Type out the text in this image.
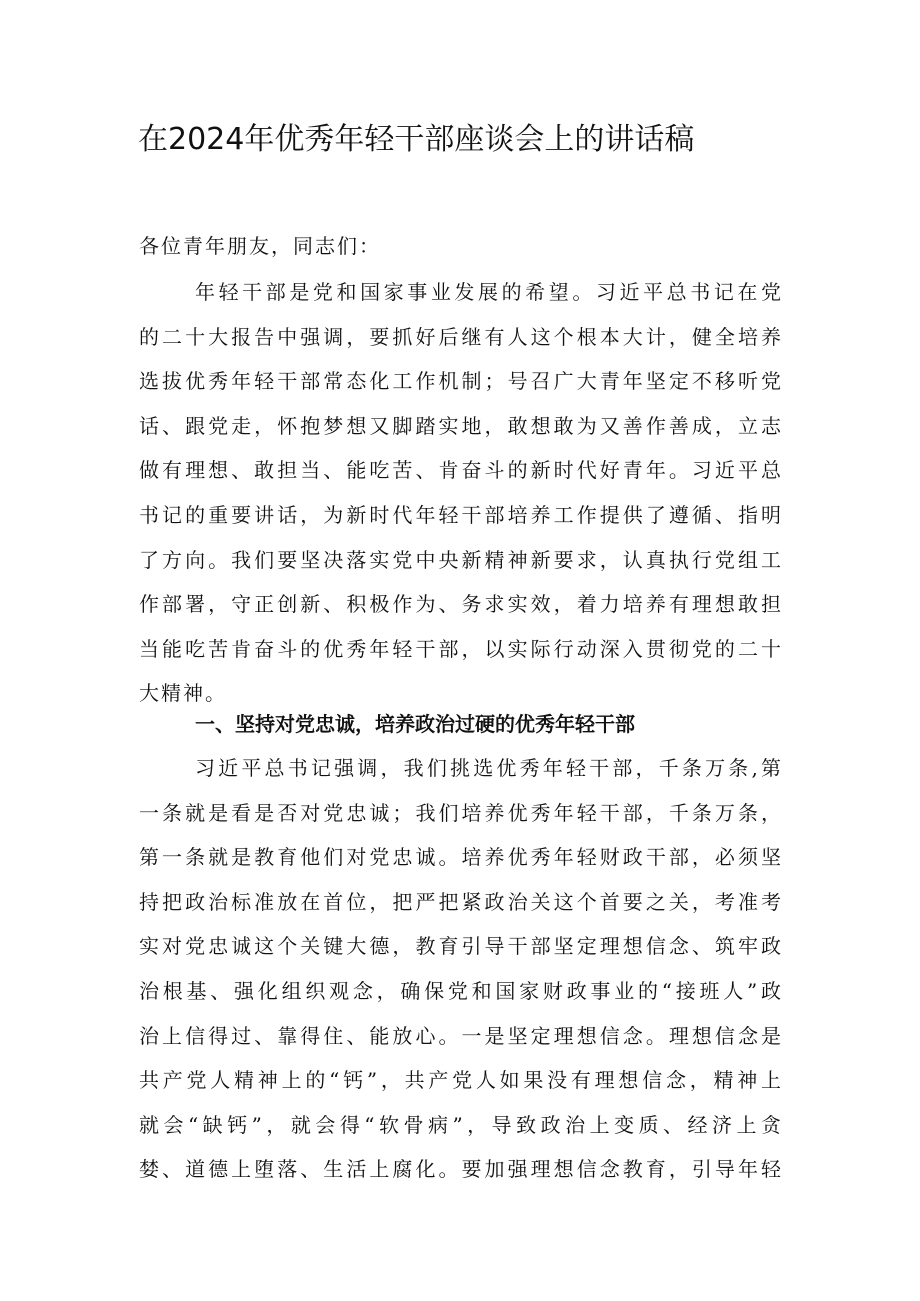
在2024年优秀年轻干部座谈会上的讲话稿
各位青年朋友，同志们：
年轻干部是党和国家事业发展的希望。习近平总书记在党
的二十大报告中强调，要抓好后继有人这个根本大计，健全培养
选拔优秀年轻干部常态化工作机制；号召广大青年坚定不移听党
话、跟党走，怀抱梦想又脚踏实地，敢想敢为又善作善成，立志
做有理想、敢担当、能吃苦、肯奋斗的新时代好青年。习近平总
书记的重要讲话，为新时代年轻干部培养工作提供了遵循、指明
了方向。我们要坚决落实党中央新精神新要求，认真执行党组工
作部署，守正创新、积极作为、务求实效，着力培养有理想敢担
当能吃苦肯奋斗的优秀年轻干部，以实际行动深入贯彻党的二十
大精神。
一、坚持对党忠诚，培养政治过硬的优秀年轻干部
习近平总书记强调，我们挑选优秀年轻干部，千条万条,第
一条就是看是否对党忠诚；我们培养优秀年轻干部，千条万条，
第一条就是教育他们对党忠诚。培养优秀年轻财政干部，必须坚
持把政治标准放在首位，把严把紧政治关这个首要之关，考准考
实对党忠诚这个关键大德，教育引导干部坚定理想信念、筑牢政
治根基、强化组织观念，确保党和国家财政事业的“接班人”政
治上信得过、靠得住、能放心。一是坚定理想信念。理想信念是
共产党人精神上的“钙”，共产党人如果没有理想信念，精神上
就会“缺钙”，就会得“软骨病”，导致政治上变质、经济上贪
婪、道德上堕落、生活上腐化。要加强理想信念教育，引导年轻
